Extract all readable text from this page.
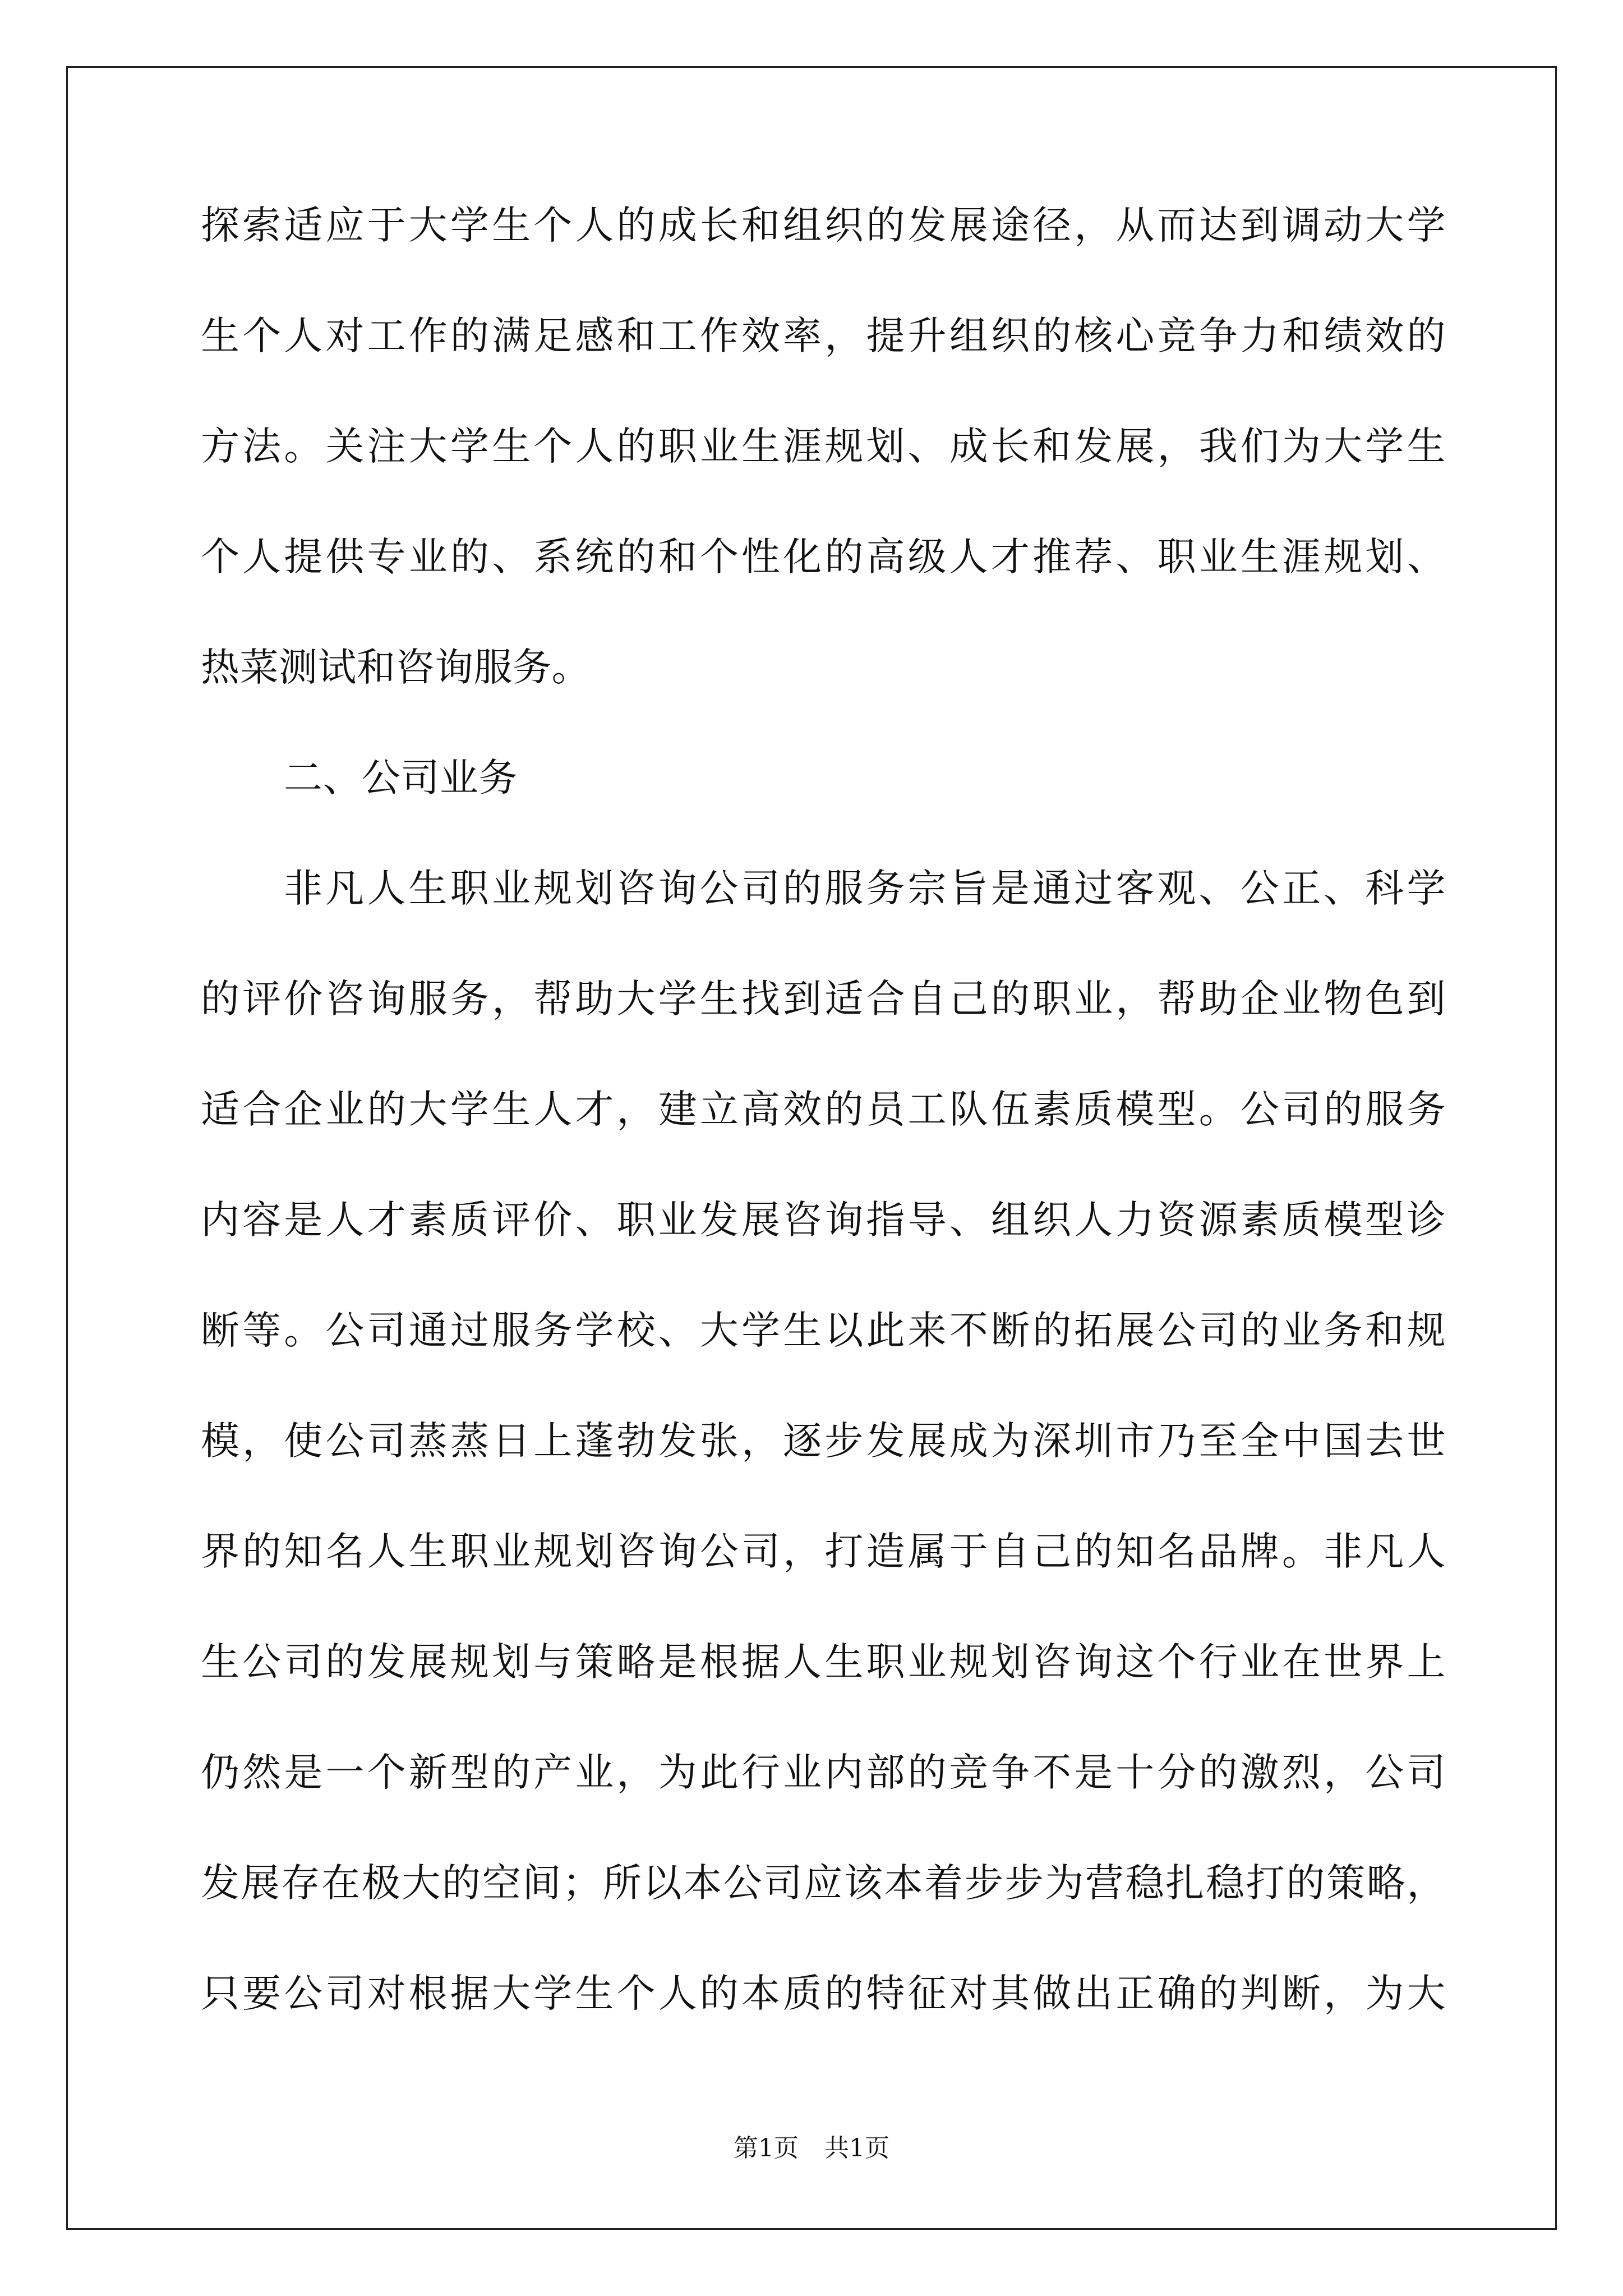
探索适应于大学生个人的成长和组织的发展途径，从而达到调动大学
生个人对工作的满足感和工作效率，提升组织的核心竞争力和绩效的
方法。关注大学生个人的职业生涯规划、成长和发展，我们为大学生
个人提供专业的、系统的和个性化的高级人才推荐、职业生涯规划、
热菜测试和咨询服务。
二、公司业务
非凡人生职业规划咨询公司的服务宗旨是通过客观、公正、科学
的评价咨询服务，帮助大学生找到适合自己的职业，帮助企业物色到
适合企业的大学生人才，建立高效的员工队伍素质模型。公司的服务
内容是人才素质评价、职业发展咨询指导、组织人力资源素质模型诊
断等。公司通过服务学校、大学生以此来不断的拓展公司的业务和规
模，使公司蒸蒸日上蓬勃发张，逐步发展成为深圳市乃至全中国去世
界的知名人生职业规划咨询公司，打造属于自己的知名品牌。非凡人
生公司的发展规划与策略是根据人生职业规划咨询这个行业在世界上
仍然是一个新型的产业，为此行业内部的竞争不是十分的激烈，公司
发展存在极大的空间；所以本公司应该本着步步为营稳扎稳打的策略，
只要公司对根据大学生个人的本质的特征对其做出正确的判断，为大
第1页 共1页
